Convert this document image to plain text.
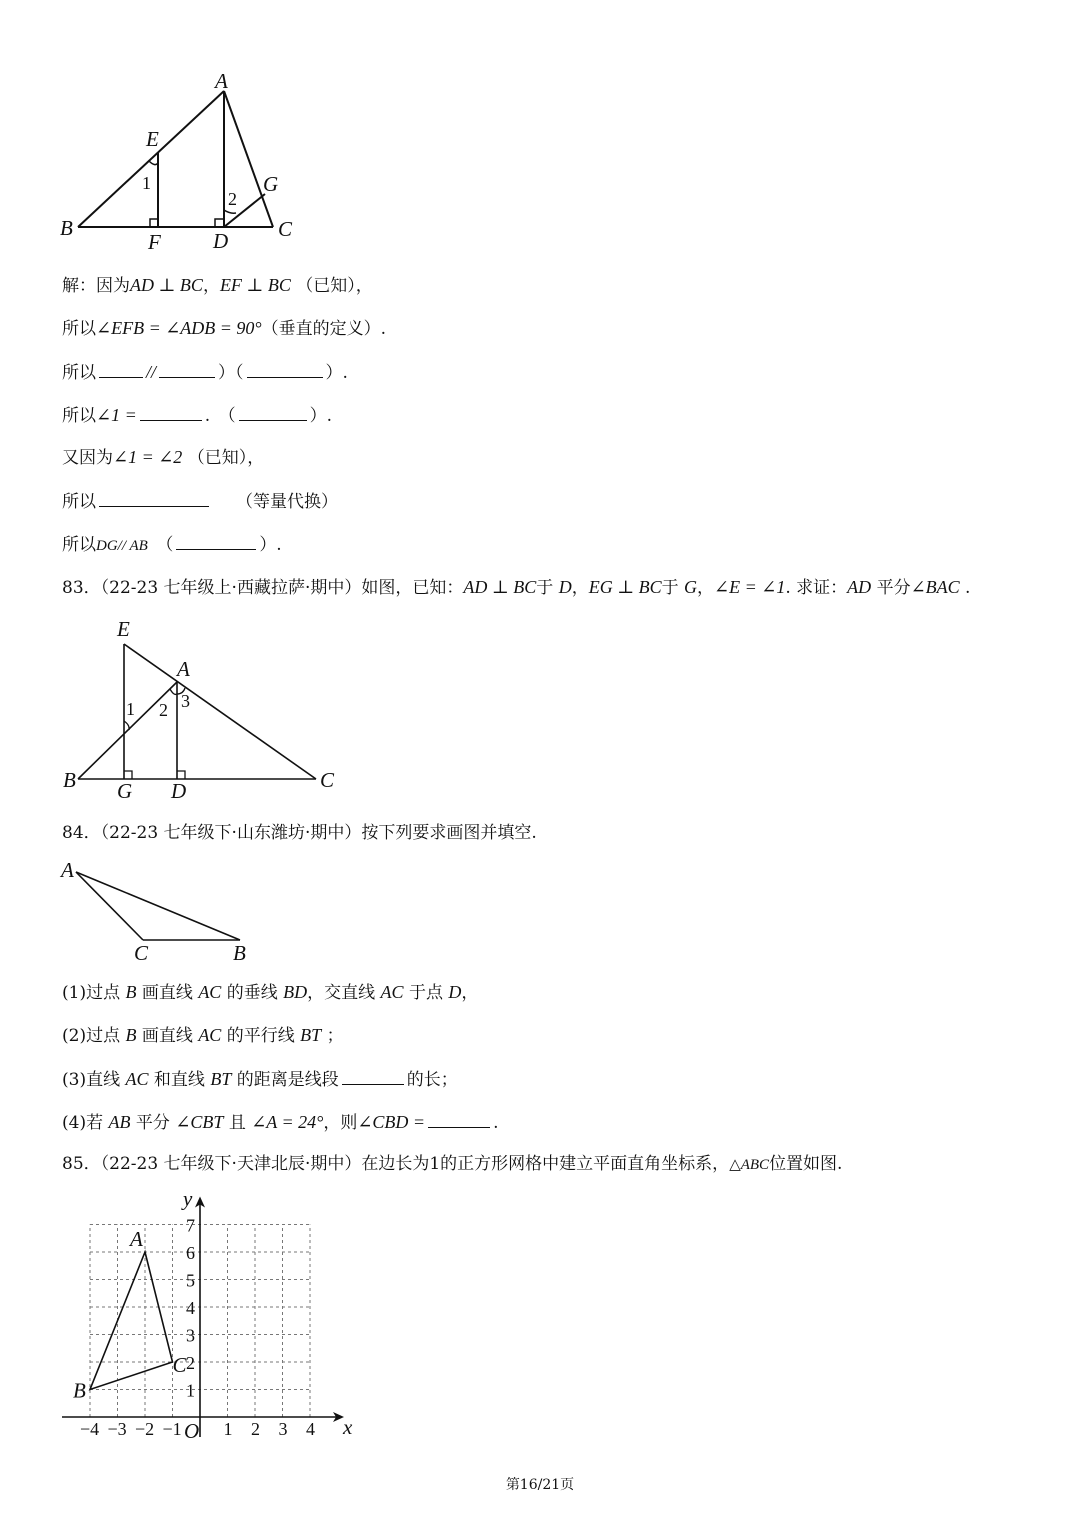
A
B	C
D
E
F
G
1
2
解：因为AD ⊥ BC，EF ⊥ BC （已知），
所以∠EFB = ∠ADB = 90°（垂直的定义）.
所以	//	）（	）.
所以∠1 =	.　（	）.
又因为∠1 = ∠2 （已知），
所以	（等量代换）
所以DG// AB　 （	）.
83．（22-23 七年级上·西藏拉萨·期中）如图，已知：AD ⊥ BC于 D，EG ⊥ BC于 G，∠E = ∠1. 求证：AD 平分∠BAC .
E
A
B	C
G D
1 2 3
84．（22-23 七年级下·山东潍坊·期中）按下列要求画图并填空.
A
C	B
(1)过点 B 画直线 AC 的垂线 BD，交直线 AC 于点 D，
(2)过点 B 画直线 AC 的平行线 BT ；
(3)直线 AC 和直线 BT 的距离是线段	的长；
(4)若 AB 平分 ∠CBT 且 ∠A = 24°，则∠CBD =	.
85．（22-23 七年级下·天津北辰·期中）在边长为1的正方形网格中建立平面直角坐标系，△ABC位置如图.
x
y
O
−4 −3 −2 −1 1 2 3 4
1
2
3
4
5
6
7
A
B
C
第16/21页
